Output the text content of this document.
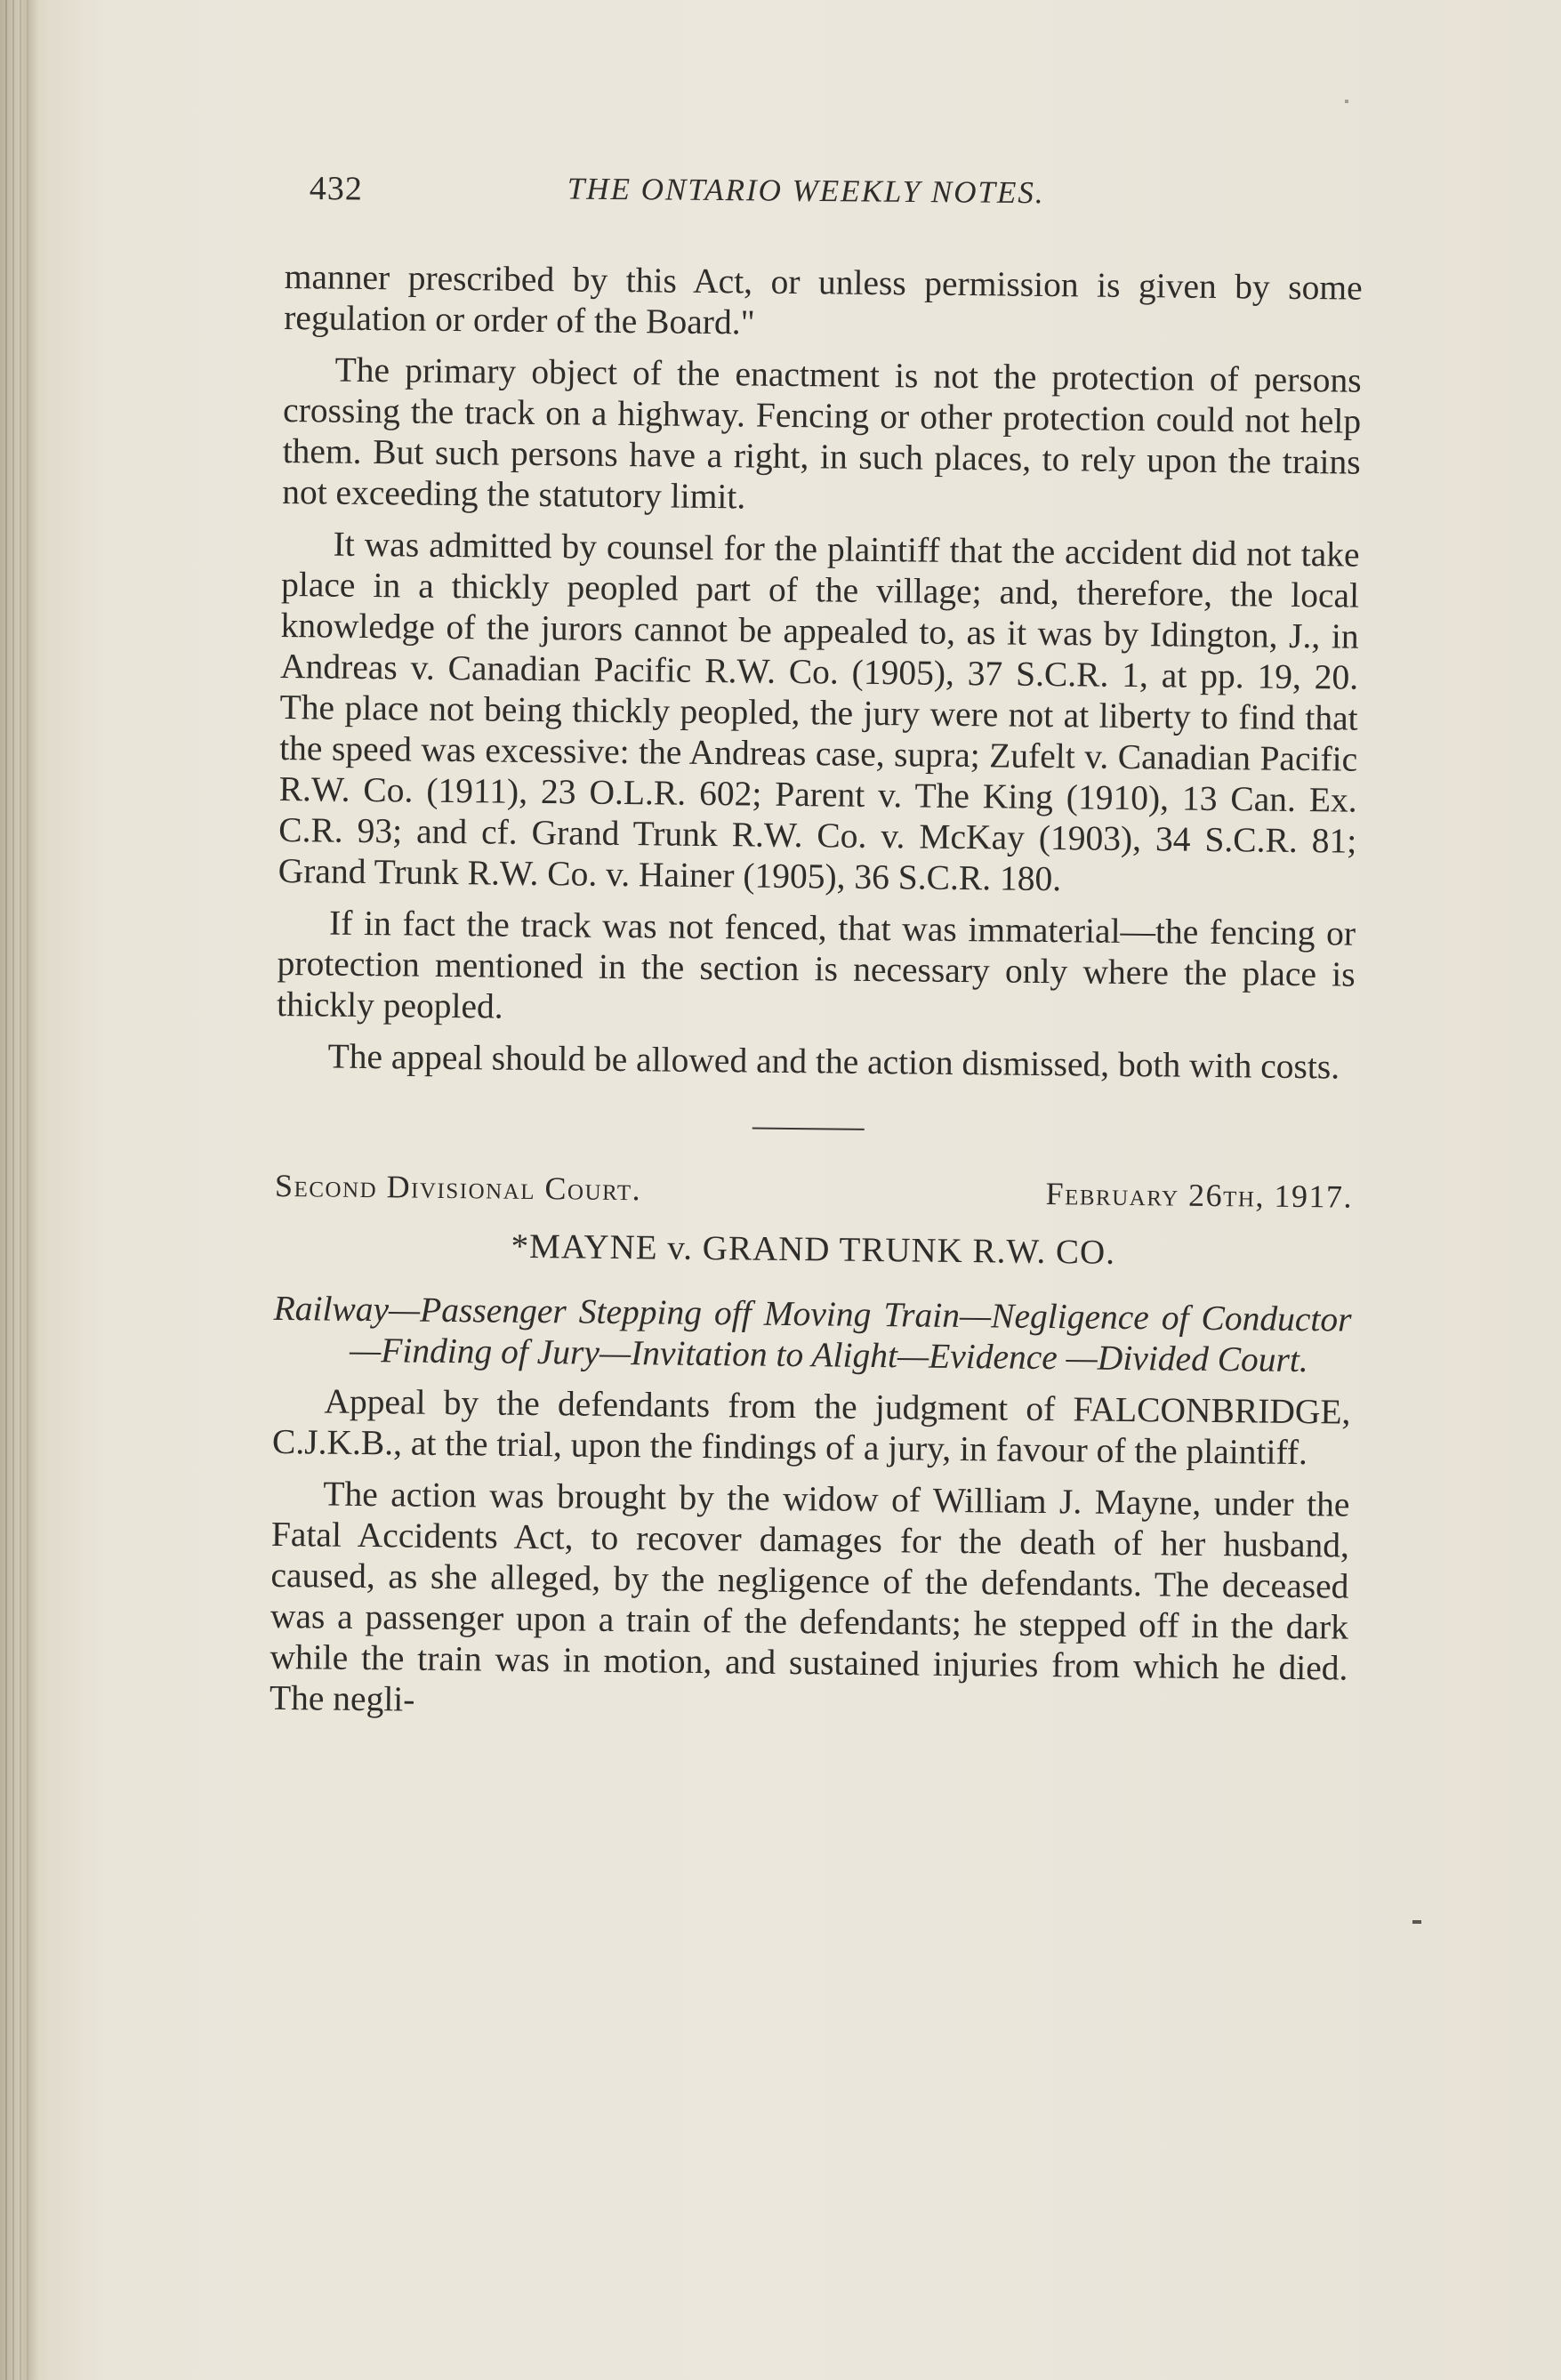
432	THE ONTARIO WEEKLY NOTES.

manner prescribed by this Act, or unless permission is given by some regulation or order of the Board."

The primary object of the enactment is not the protection of persons crossing the track on a highway. Fencing or other protection could not help them. But such persons have a right, in such places, to rely upon the trains not exceeding the statutory limit.

It was admitted by counsel for the plaintiff that the accident did not take place in a thickly peopled part of the village; and, therefore, the local knowledge of the jurors cannot be appealed to, as it was by Idington, J., in Andreas v. Canadian Pacific R.W. Co. (1905), 37 S.C.R. 1, at pp. 19, 20. The place not being thickly peopled, the jury were not at liberty to find that the speed was excessive: the Andreas case, supra; Zufelt v. Canadian Pacific R.W. Co. (1911), 23 O.L.R. 602; Parent v. The King (1910), 13 Can. Ex. C.R. 93; and cf. Grand Trunk R.W. Co. v. McKay (1903), 34 S.C.R. 81; Grand Trunk R.W. Co. v. Hainer (1905), 36 S.C.R. 180.

If in fact the track was not fenced, that was immaterial—the fencing or protection mentioned in the section is necessary only where the place is thickly peopled.

The appeal should be allowed and the action dismissed, both with costs.

Second Divisional Court.	February 26th, 1917.
*MAYNE v. GRAND TRUNK R.W. CO.

Railway—Passenger Stepping off Moving Train—Negligence of Conductor—Finding of Jury—Invitation to Alight—Evidence —Divided Court.

Appeal by the defendants from the judgment of FALCONBRIDGE, C.J.K.B., at the trial, upon the findings of a jury, in favour of the plaintiff.

The action was brought by the widow of William J. Mayne, under the Fatal Accidents Act, to recover damages for the death of her husband, caused, as she alleged, by the negligence of the defendants. The deceased was a passenger upon a train of the defendants; he stepped off in the dark while the train was in motion, and sustained injuries from which he died. The negli-
